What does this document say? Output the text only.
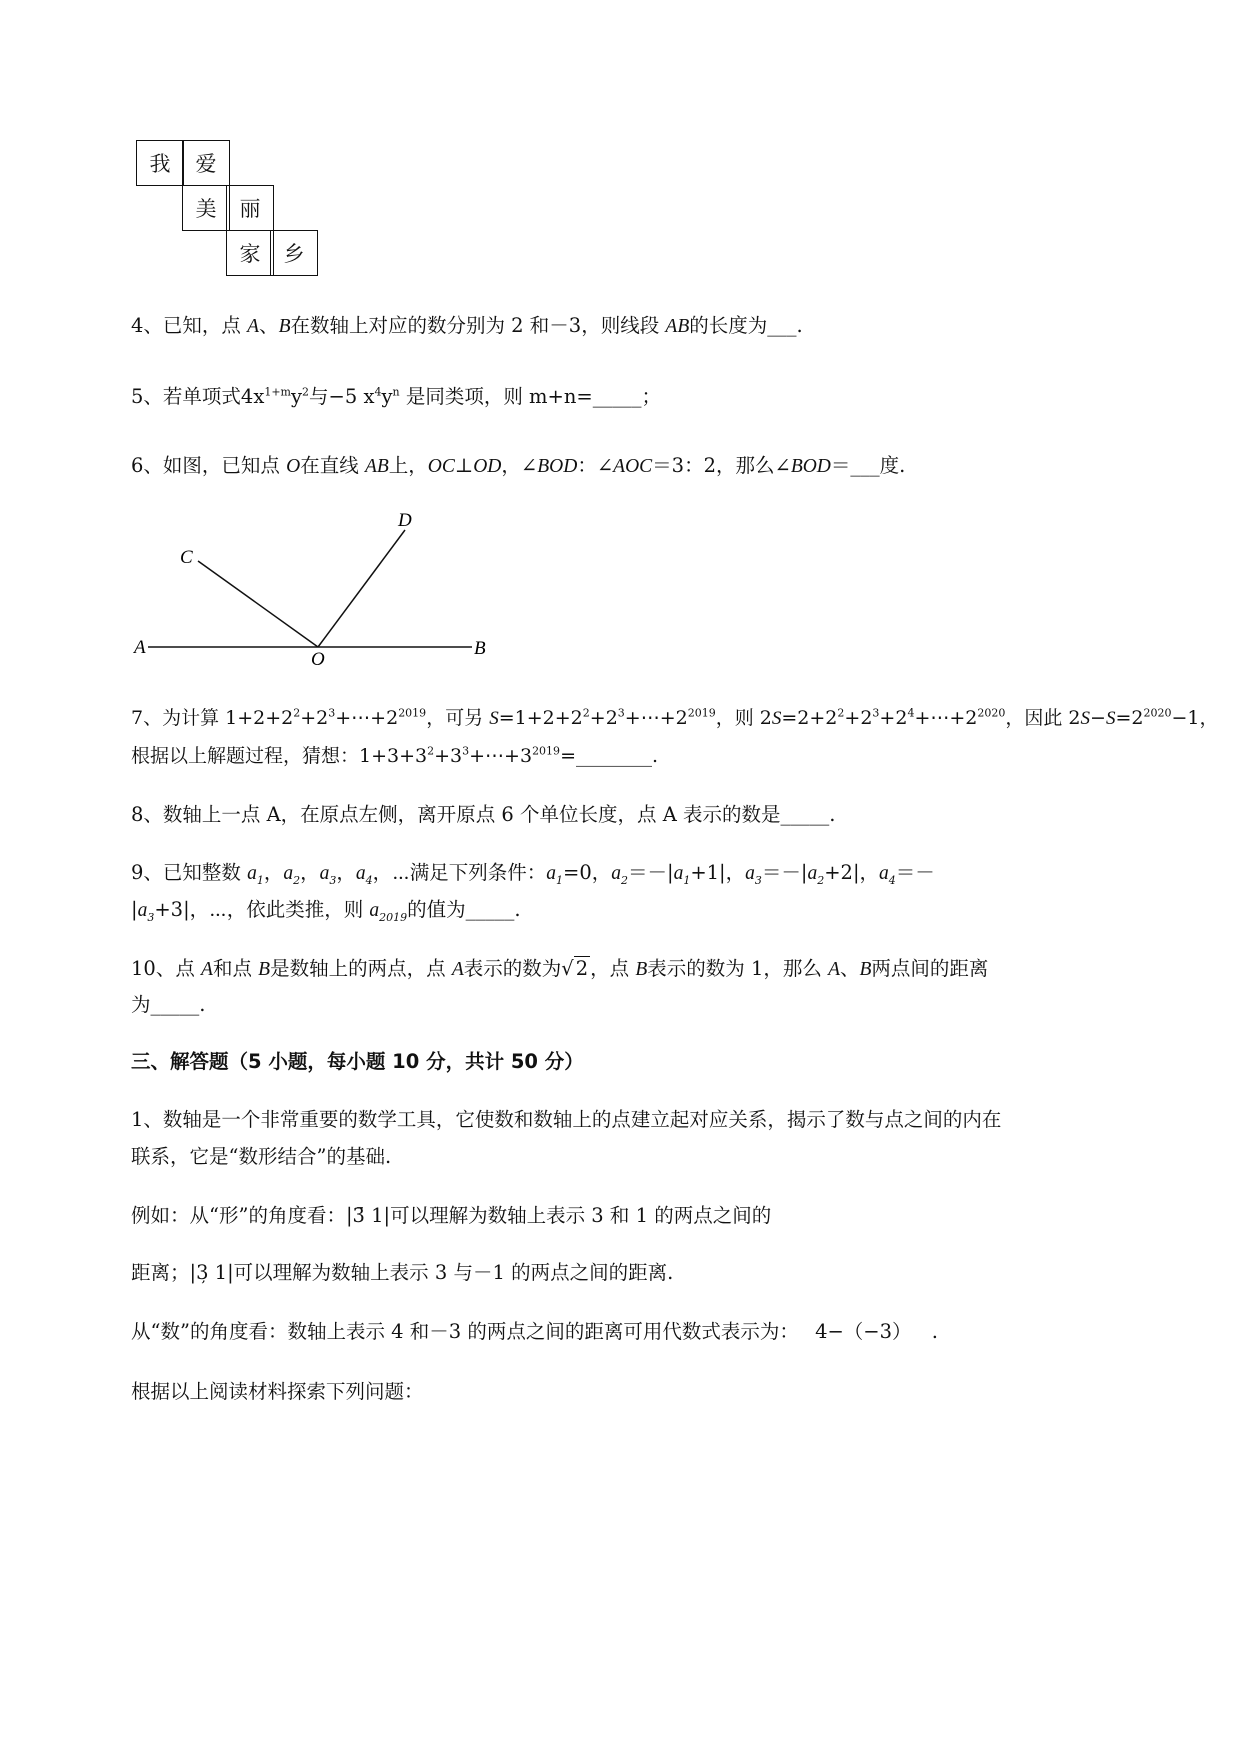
我	爱
美	丽
家	乡
4、已知，点 A、B在数轴上对应的数分别为 2 和－3，则线段 AB的长度为___.
5、若单项式$4x^{1+m}y^2$与−5 $x^4y^n$ 是同类项，则 m+n=_____；
6、如图，已知点 O在直线 AB上，OC⊥OD，∠BOD：∠AOC＝3：2，那么∠BOD＝___度.
A	B
C
D
O
7、为计算 $1+2+2^2+2^3+\cdots+2^{2019}$，可另 $S=1+2+2^2+2^3+\cdots+2^{2019}$，则 $2S=2+2^2+2^3+2^4+\cdots+2^{2020}$，因此 $2S-S=2^{2020}-1$，
根据以上解题过程，猜想：$1+3+3^2+3^3+\cdots+3^{2019}=\_\_\_\_\_\_\_\_$.
8、数轴上一点 A，在原点左侧，离开原点 6 个单位长度，点 A 表示的数是_____.
9、已知整数 $a_1$，$a_2$，$a_3$，$a_4$，⋯满足下列条件：$a_1=0$，$a_2=-|a_1+1|$，$a_3=-|a_2+2|$，$a_4=-$
$|a_3+3|$，⋯，依此类推，则 $a_{2019}$的值为_____.
10、点 A和点 B是数轴上的两点，点 A表示的数为√ 2 ，点 B表示的数为 1，那么 A、B两点间的距离
为_____.
三、解答题（5 小题，每小题 10 分，共计 50 分）
1、数轴是一个非常重要的数学工具，它使数和数轴上的点建立起对应关系，揭示了数与点之间的内在
联系，它是“数形结合”的基础.
例如：从“形”的角度看：|3̄ 1|可以理解为数轴上表示 3 和 1 的两点之间的
距离；|3̦ 1|可以理解为数轴上表示 3 与－1 的两点之间的距离.
从“数”的角度看：数轴上表示 4 和－3 的两点之间的距离可用代数式表示为： 4−（−3） .
根据以上阅读材料探索下列问题：
